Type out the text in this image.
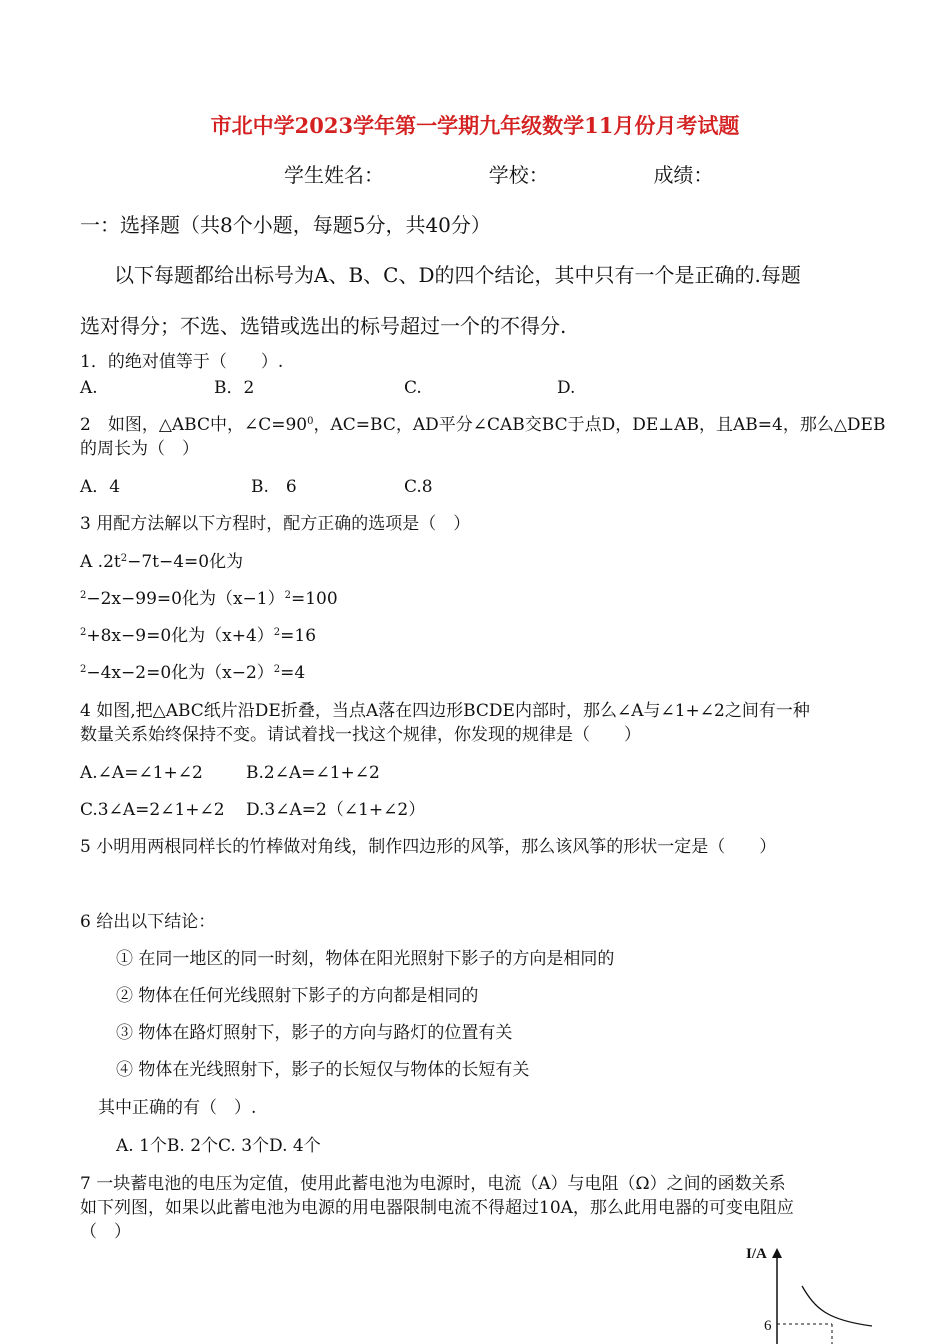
市北中学2023学年第一学期九年级数学11月份月考试题
学生姓名：	学校：	成绩：
一：选择题（共8个小题，每题5分，共40分）
以下每题都给出标号为A、B、C、D的四个结论，其中只有一个是正确的.每题
选对得分；不选、选错或选出的标号超过一个的不得分.
1．的绝对值等于（　　）.
A.	B．2	C.	D.
2　如图，△ABC中，$\angle C=90^0$，AC=BC，AD平分∠CAB交BC于点D，DE⊥AB，且AB=4，那么△DEB
的周长为（　）
A．4	B.　6	C.8
3 用配方法解以下方程时，配方正确的选项是（　）
A $.2t^2-7t-4=0$化为
$^2$−2x−99=0化为$(x-1)^2=100$
$^2$+8x−9=0化为$(x+4)^2=16$
$^2$−4x−2=0化为$(x-2)^2=4$
4 如图,把△ABC纸片沿DE折叠，当点A落在四边形BCDE内部时，那么∠A与∠1+∠2之间有一种
数量关系始终保持不变。请试着找一找这个规律，你发现的规律是（　　）
A.∠A=∠1+∠2	B.2∠A=∠1+∠2
C.3∠A=2∠1+∠2 D.3∠A=2（∠1+∠2）
5 小明用两根同样长的竹棒做对角线，制作四边形的风筝，那么该风筝的形状一定是（　　）
6 给出以下结论：
① 在同一地区的同一时刻，物体在阳光照射下影子的方向是相同的
② 物体在任何光线照射下影子的方向都是相同的
③ 物体在路灯照射下，影子的方向与路灯的位置有关
④ 物体在光线照射下，影子的长短仅与物体的长短有关
其中正确的有（　）.
A. 1个B. 2个C. 3个D. 4个
7 一块蓄电池的电压为定值，使用此蓄电池为电源时，电流（A）与电阻（Ω）之间的函数关系
如下列图，如果以此蓄电池为电源的用电器限制电流不得超过10A，那么此用电器的可变电阻应
（　）
I/A
6
